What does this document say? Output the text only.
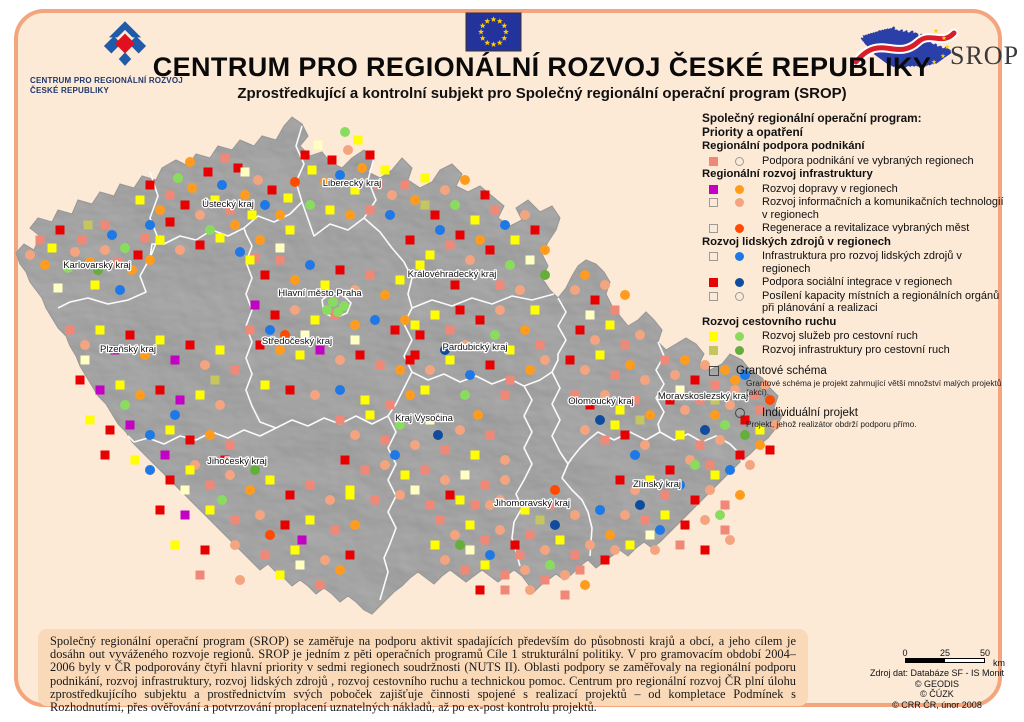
Karlovarský kraj
Ústecký kraj
Liberecký kraj
Královéhradecký kraj
Hlavní město Praha
Středočeský kraj
Plzeňský kraj	Pardubický kraj
Kraj Vysočina
Jihočeský kraj
Jihomoravský kraj
Olomoucký kraj
Zlínský kraj
Moravskoslezský kraj
SROP
CENTRUM PRO REGIONÁLNÍ ROZVOJ
ČESKÉ REPUBLIKY
CENTRUM PRO REGIONÁLNÍ ROZVOJ ČESKÉ REPUBLIKY
Zprostředkující a kontrolní subjekt pro Společný regionální operační program (SROP)
Společný regionální operační program:
Priority a opatření
Regionální podpora podnikání
Podpora podnikání ve vybraných regionech
Regionální rozvoj infrastruktury
Rozvoj dopravy v regionech
Rozvoj informačních a komunikačních technologií v regionech
Regenerace a revitalizace vybraných měst
Rozvoj lidských zdrojů v regionech
Infrastruktura pro rozvoj lidských zdrojů v regionech
Podpora sociální integrace v regionech
Posílení kapacity místních a regionálních orgánů při plánování a realizaci
Rozvoj cestovního ruchu
Rozvoj služeb pro cestovní ruch
Rozvoj infrastruktury pro cestovní ruch
Grantové schéma
Grantové schéma je projekt zahrnující větší množství malých projektů (akcí).
Individuální projekt
Projekt, jehož realizátor obdrží podporu přímo.

Společný regionální operační program (SROP) se zaměřuje na podporu aktivit spadajících především do působnosti krajů a obcí, a jeho cílem je dosáhn out vyváženého rozvoje regionů. SROP je jedním z pěti operačních programů Cíle 1 strukturální politiky. V pro gramovacím období 2004–2006 byly v ČR podporovány čtyři hlavní priority v sedmi regionech soudržnosti (NUTS II). Oblasti podpory se zaměřovaly na regionální podporu podnikání, rozvoj infrastruktury, rozvoj lidských zdrojů , rozvoj cestovního ruchu a technickou pomoc. Centrum pro regionální rozvoj ČR plní úlohu zprostředkujícího subjektu a prostřednictvím svých poboček zajišťuje činnosti spojené s realizací projektů – od kompletace Podmínek s Rozhodnutími, přes ověřování a potvrzování proplacení uznatelných nákladů, až po ex-post kontrolu projektů.

0	25	50
km
Zdroj dat: Databáze SF - IS Monit
© GEODIS
© ČÚZK
© CRR ČR, únor 2008
